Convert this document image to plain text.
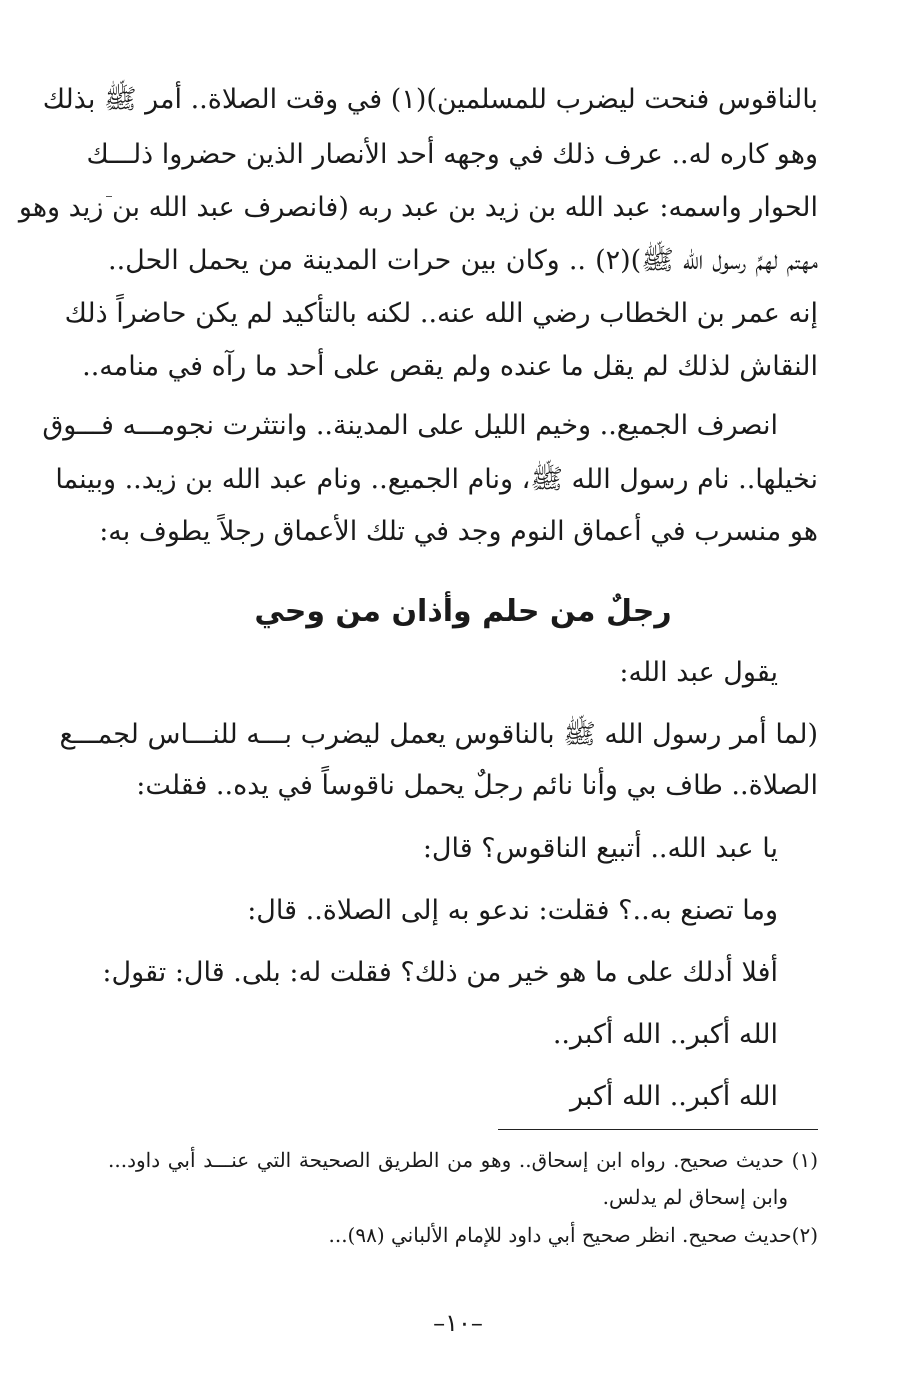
بالناقوس فنحت ليضرب للمسلمين)(١) في وقت الصلاة.. أمر ﷺ بذلك
وهو كاره له.. عرف ذلك في وجهه أحد الأنصار الذين حضروا ذلـــك
الحوار واسمه: عبد الله بن زيد بن عبد ربه (فانصرف عبد الله بن زيد وهو
مهتم لهمِّ رسول الله ﷺ)(٢) .. وكان بين حرات المدينة من يحمل الحل..
إنه عمر بن الخطاب رضي الله عنه.. لكنه بالتأكيد لم يكن حاضراً ذلك
النقاش لذلك لم يقل ما عنده ولم يقص على أحد ما رآه في منامه..
انصرف الجميع.. وخيم الليل على المدينة.. وانتثرت نجومـــه فـــوق
نخيلها.. نام رسول الله ﷺ، ونام الجميع.. ونام عبد الله بن زيد.. وبينما
هو منسرب في أعماق النوم وجد في تلك الأعماق رجلاً يطوف به:
رجلٌ من حلم وأذان من وحي
يقول عبد الله:
(لما أمر رسول الله ﷺ بالناقوس يعمل ليضرب بـــه للنـــاس لجمـــع
الصلاة.. طاف بي وأنا نائم رجلٌ يحمل ناقوساً في يده.. فقلت:
يا عبد الله.. أتبيع الناقوس؟ قال:
وما تصنع به..؟ فقلت: ندعو به إلى الصلاة.. قال:
أفلا أدلك على ما هو خير من ذلك؟ فقلت له: بلى. قال: تقول:
الله أكبر.. الله أكبر..
الله أكبر.. الله أكبر
(١) حديث صحيح. رواه ابن إسحاق.. وهو من الطريق الصحيحة التي عنـــد أبي داود...
وابن إسحاق لم يدلس.
(٢)حديث صحيح. انظر صحيح أبي داود للإمام الألباني (٩٨)...
–١٠–
